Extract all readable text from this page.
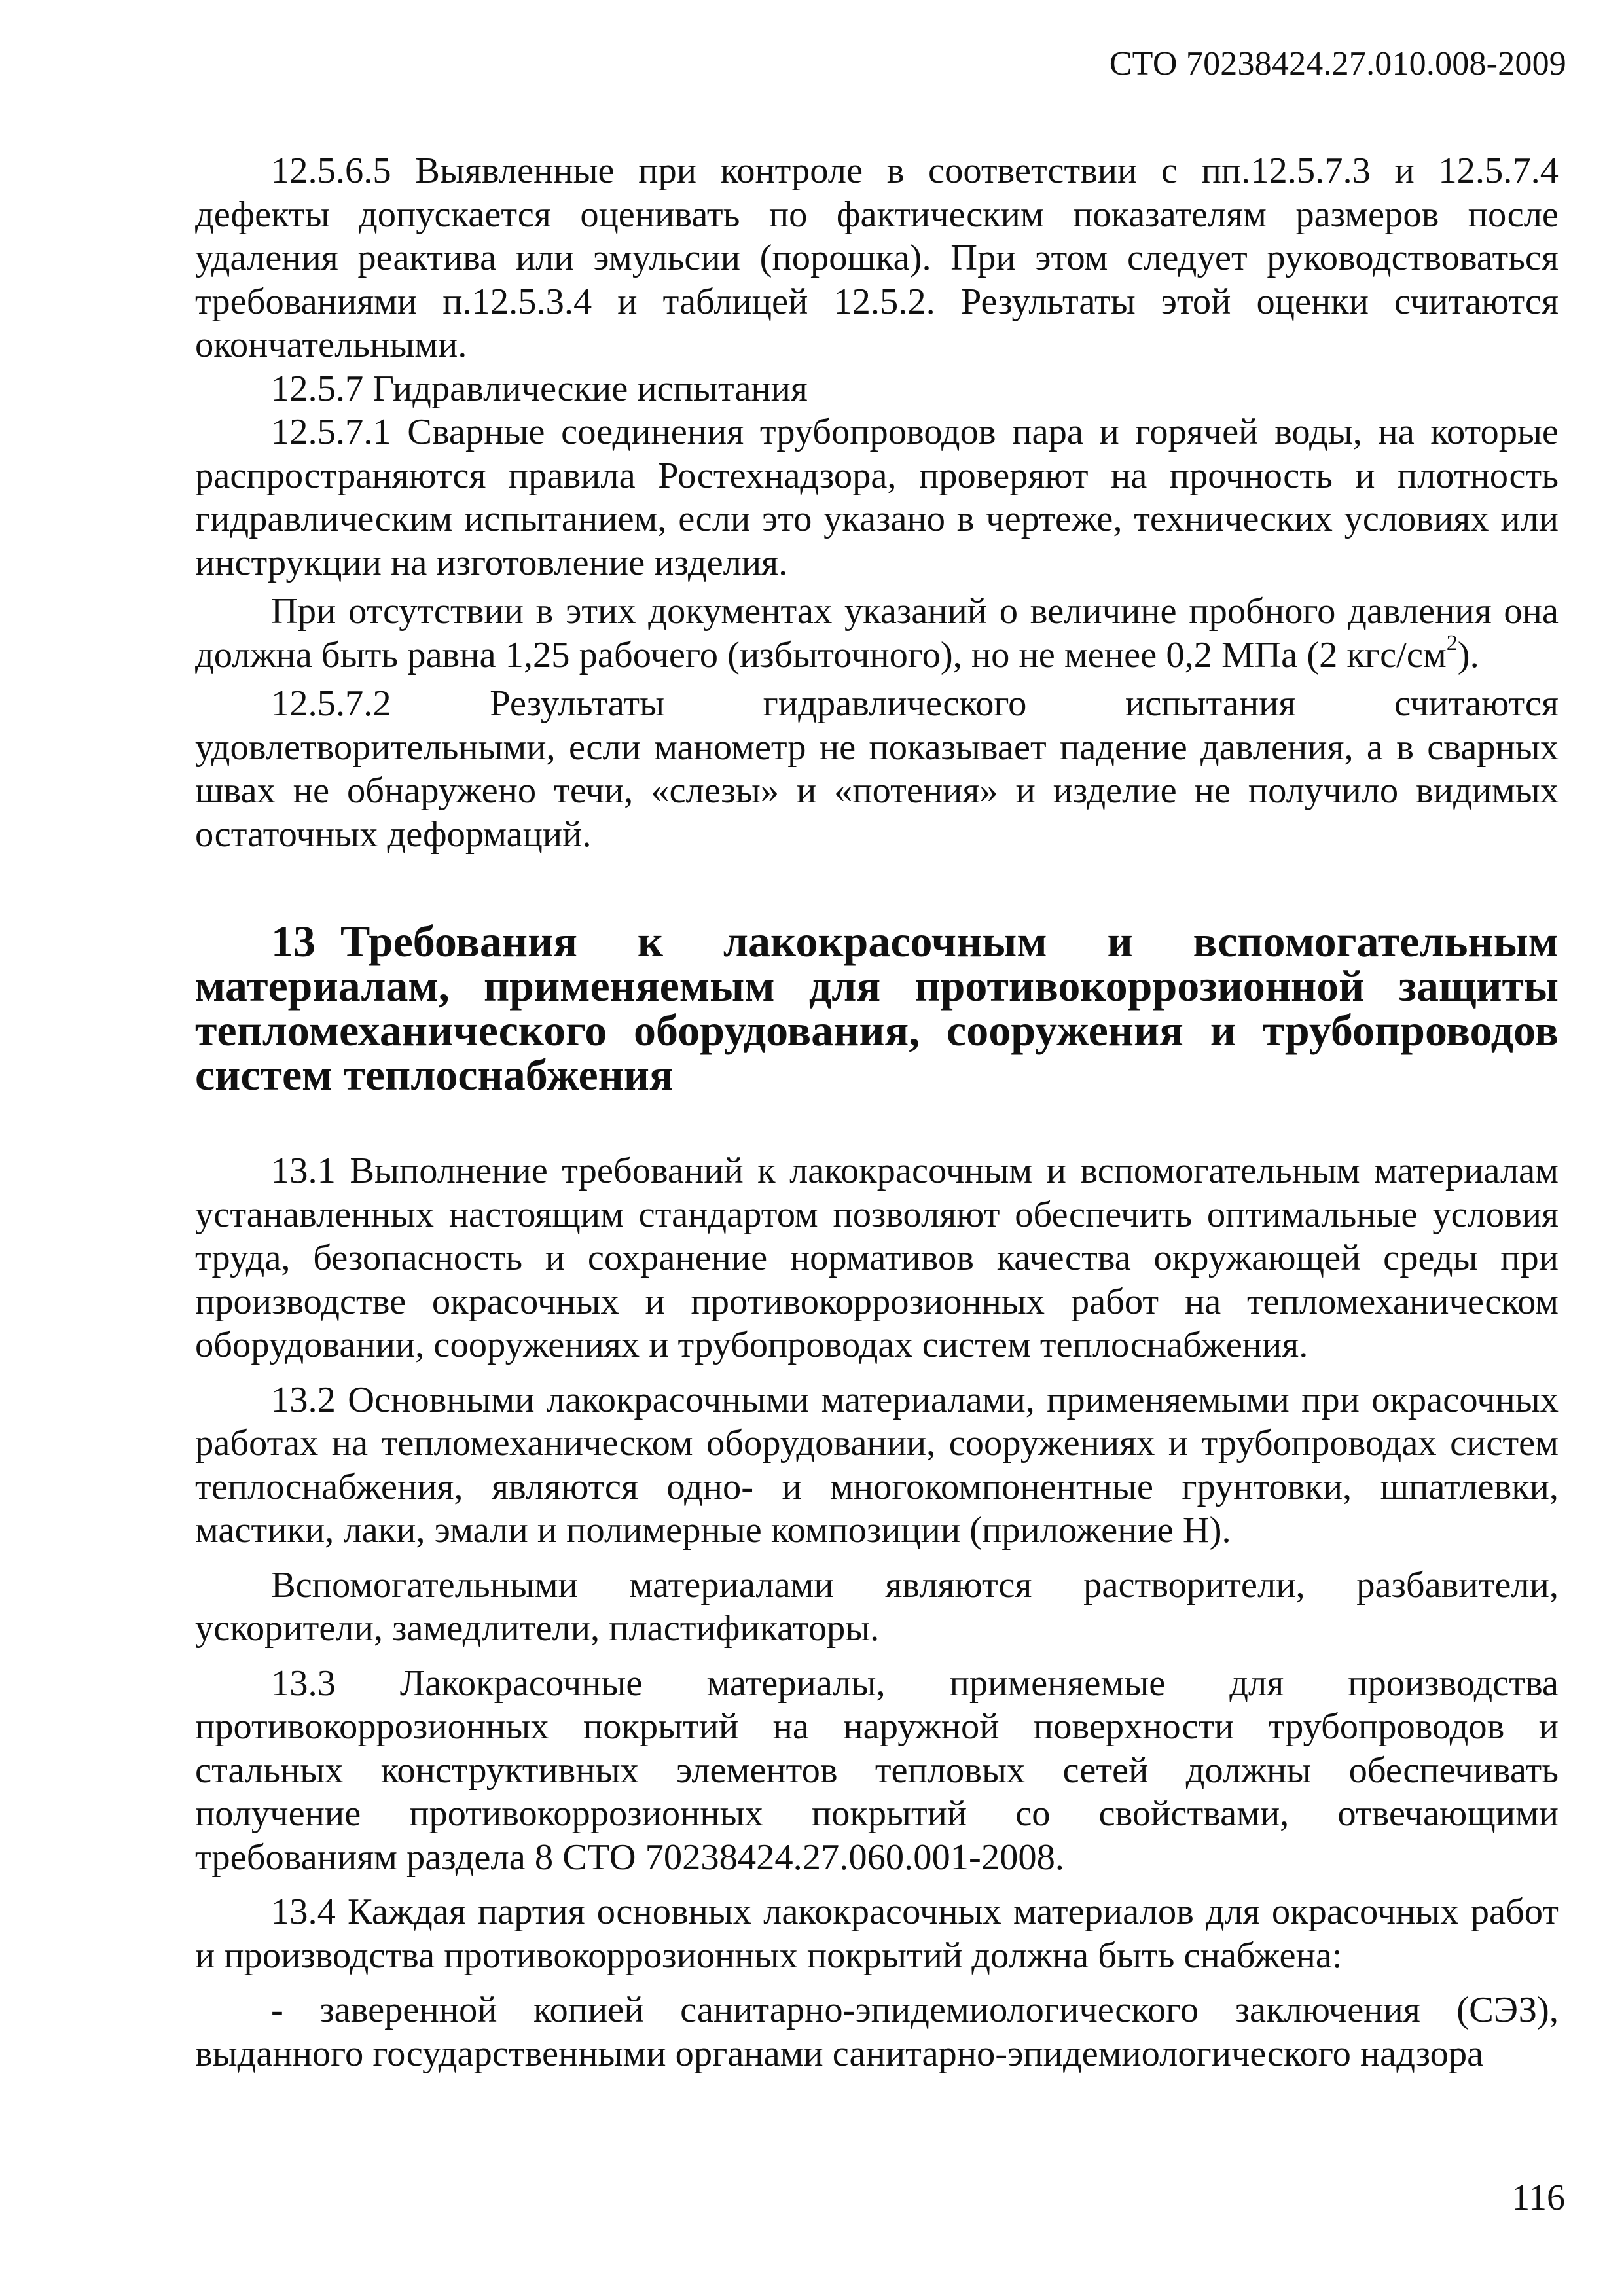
СТО 70238424.27.010.008-2009

12.5.6.5 Выявленные при контроле в соответствии с пп.12.5.7.3 и 12.5.7.4 дефекты допускается оценивать по фактическим показателям размеров после удаления реактива или эмульсии (порошка). При этом следует руководствоваться требованиями п.12.5.3.4 и таблицей 12.5.2. Результаты этой оценки считаются окончательными.

12.5.7 Гидравлические испытания

12.5.7.1 Сварные соединения трубопроводов пара и горячей воды, на которые распространяются правила Ростехнадзора, проверяют на прочность и плотность гидравлическим испытанием, если это указано в чертеже, технических условиях или инструкции на изготовление изделия.

При отсутствии в этих документах указаний о величине пробного давления она должна быть равна 1,25 рабочего (избыточного), но не менее 0,2 МПа (2 кгс/$см^2$).

12.5.7.2 Результаты гидравлического испытания считаются удовлетворительными, если манометр не показывает падение давления, а в сварных швах не обнаружено течи, «слезы» и «потения» и изделие не получило видимых остаточных деформаций.

13 Требования к лакокрасочным и вспомогательным материалам, применяемым для противокоррозионной защиты тепломеханического оборудования, сооружения и трубопроводов систем теплоснабжения

13.1 Выполнение требований к лакокрасочным и вспомогательным материалам устанавленных настоящим стандартом позволяют обеспечить оптимальные условия труда, безопасность и сохранение нормативов качества окружающей среды при производстве окрасочных и противокоррозионных работ на тепломеханическом оборудовании, сооружениях и трубопроводах систем теплоснабжения.

13.2 Основными лакокрасочными материалами, применяемыми при окрасочных работах на тепломеханическом оборудовании, сооружениях и трубопроводах систем теплоснабжения, являются одно- и многокомпонентные грунтовки, шпатлевки, мастики, лаки, эмали и полимерные композиции (приложение Н).

Вспомогательными материалами являются растворители, разбавители, ускорители, замедлители, пластификаторы.

13.3 Лакокрасочные материалы, применяемые для производства противокоррозионных покрытий на наружной поверхности трубопроводов и стальных конструктивных элементов тепловых сетей должны обеспечивать получение противокоррозионных покрытий со свойствами, отвечающими требованиям раздела 8 СТО 70238424.27.060.001-2008.

13.4 Каждая партия основных лакокрасочных материалов для окрасочных работ и производства противокоррозионных покрытий должна быть снабжена:

- заверенной копией санитарно-эпидемиологического заключения (СЭЗ), выданного государственными органами санитарно-эпидемиологического надзора

116
